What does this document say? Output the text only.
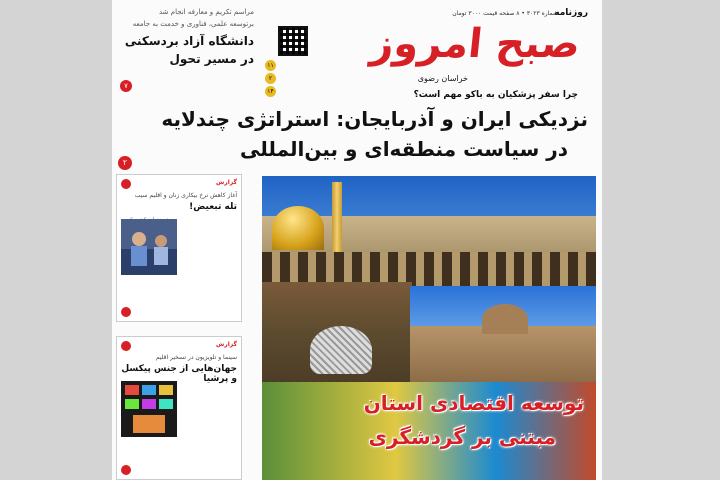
روزنامه
شماره ۳۰۲۳ • ۸ صفحه قیمت ۳۰۰۰ تومان
صبح امروز
خراسان رضوی
چرا سفر پزشکیان به باکو مهم است؟
۱۱
۲
۱۴
مراسم تکریم و معارفه انجام شد
برتوسعه علمی، فناوری و خدمت به جامعه
دانشگاه آزاد بردسکنی در مسیر تحول
۷
نزدیکی ایران و آذربایجان: استراتژی چندلایه
در سیاست منطقه‌ای و بین‌المللی
۲
گزارش
آغاز کاهش نرخ بیکاری زنان و اقلیم سیب
تله تبعیض!
گزارش
سینما و تلویزیون در تسخیر اقلیم
جهان‌هایی از جنس پیکسل و پرشیا
توسعه اقتصادی استان
مبتنی بر گردشگری
